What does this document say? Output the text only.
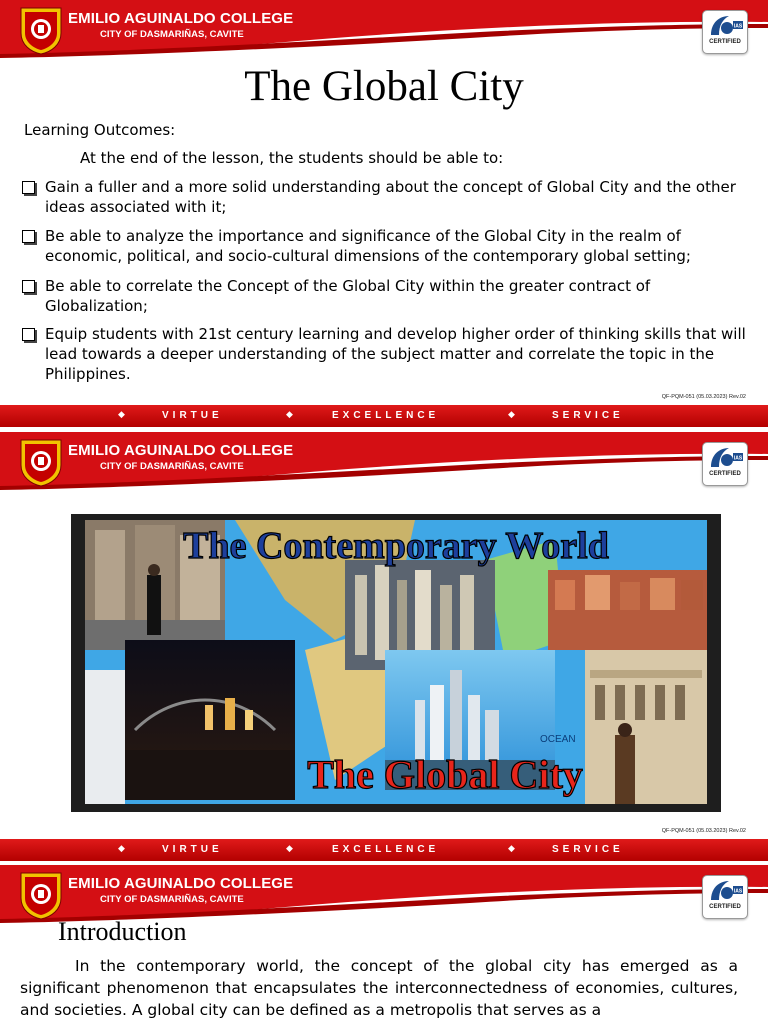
EMILIO AGUINALDO COLLEGE
CITY OF DASMARIÑAS, CAVITE
IAS
CERTIFIED
The Global City
Learning Outcomes:
At the end of the lesson, the students should be able to:
Gain a fuller and a more solid understanding about the concept of Global City and the other ideas associated with it;
Be able to analyze the importance and significance of the Global City in the realm of economic, political, and socio-cultural dimensions of the contemporary global setting;
Be able to correlate the Concept of the Global City within the greater contract of Globalization;
Equip students with 21st century learning and develop higher order of thinking skills that will lead towards a deeper understanding of the subject matter and correlate the topic in the Philippines.
QF-PQM-051 (05.03.2023) Rev.02
◆	VIRTUE	◆	EXCELLENCE	◆	SERVICE
EMILIO AGUINALDO COLLEGE
CITY OF DASMARIÑAS, CAVITE
IAS
CERTIFIED
OCEAN
The Contemporary World
The Global City
QF-PQM-051 (05.03.2023) Rev.02
◆	VIRTUE	◆	EXCELLENCE	◆	SERVICE
EMILIO AGUINALDO COLLEGE
CITY OF DASMARIÑAS, CAVITE
IAS
CERTIFIED
Introduction
In the contemporary world, the concept of the global city has emerged as a significant phenomenon that encapsulates the interconnectedness of economies, cultures, and societies. A global city can be defined as a metropolis that serves as a
